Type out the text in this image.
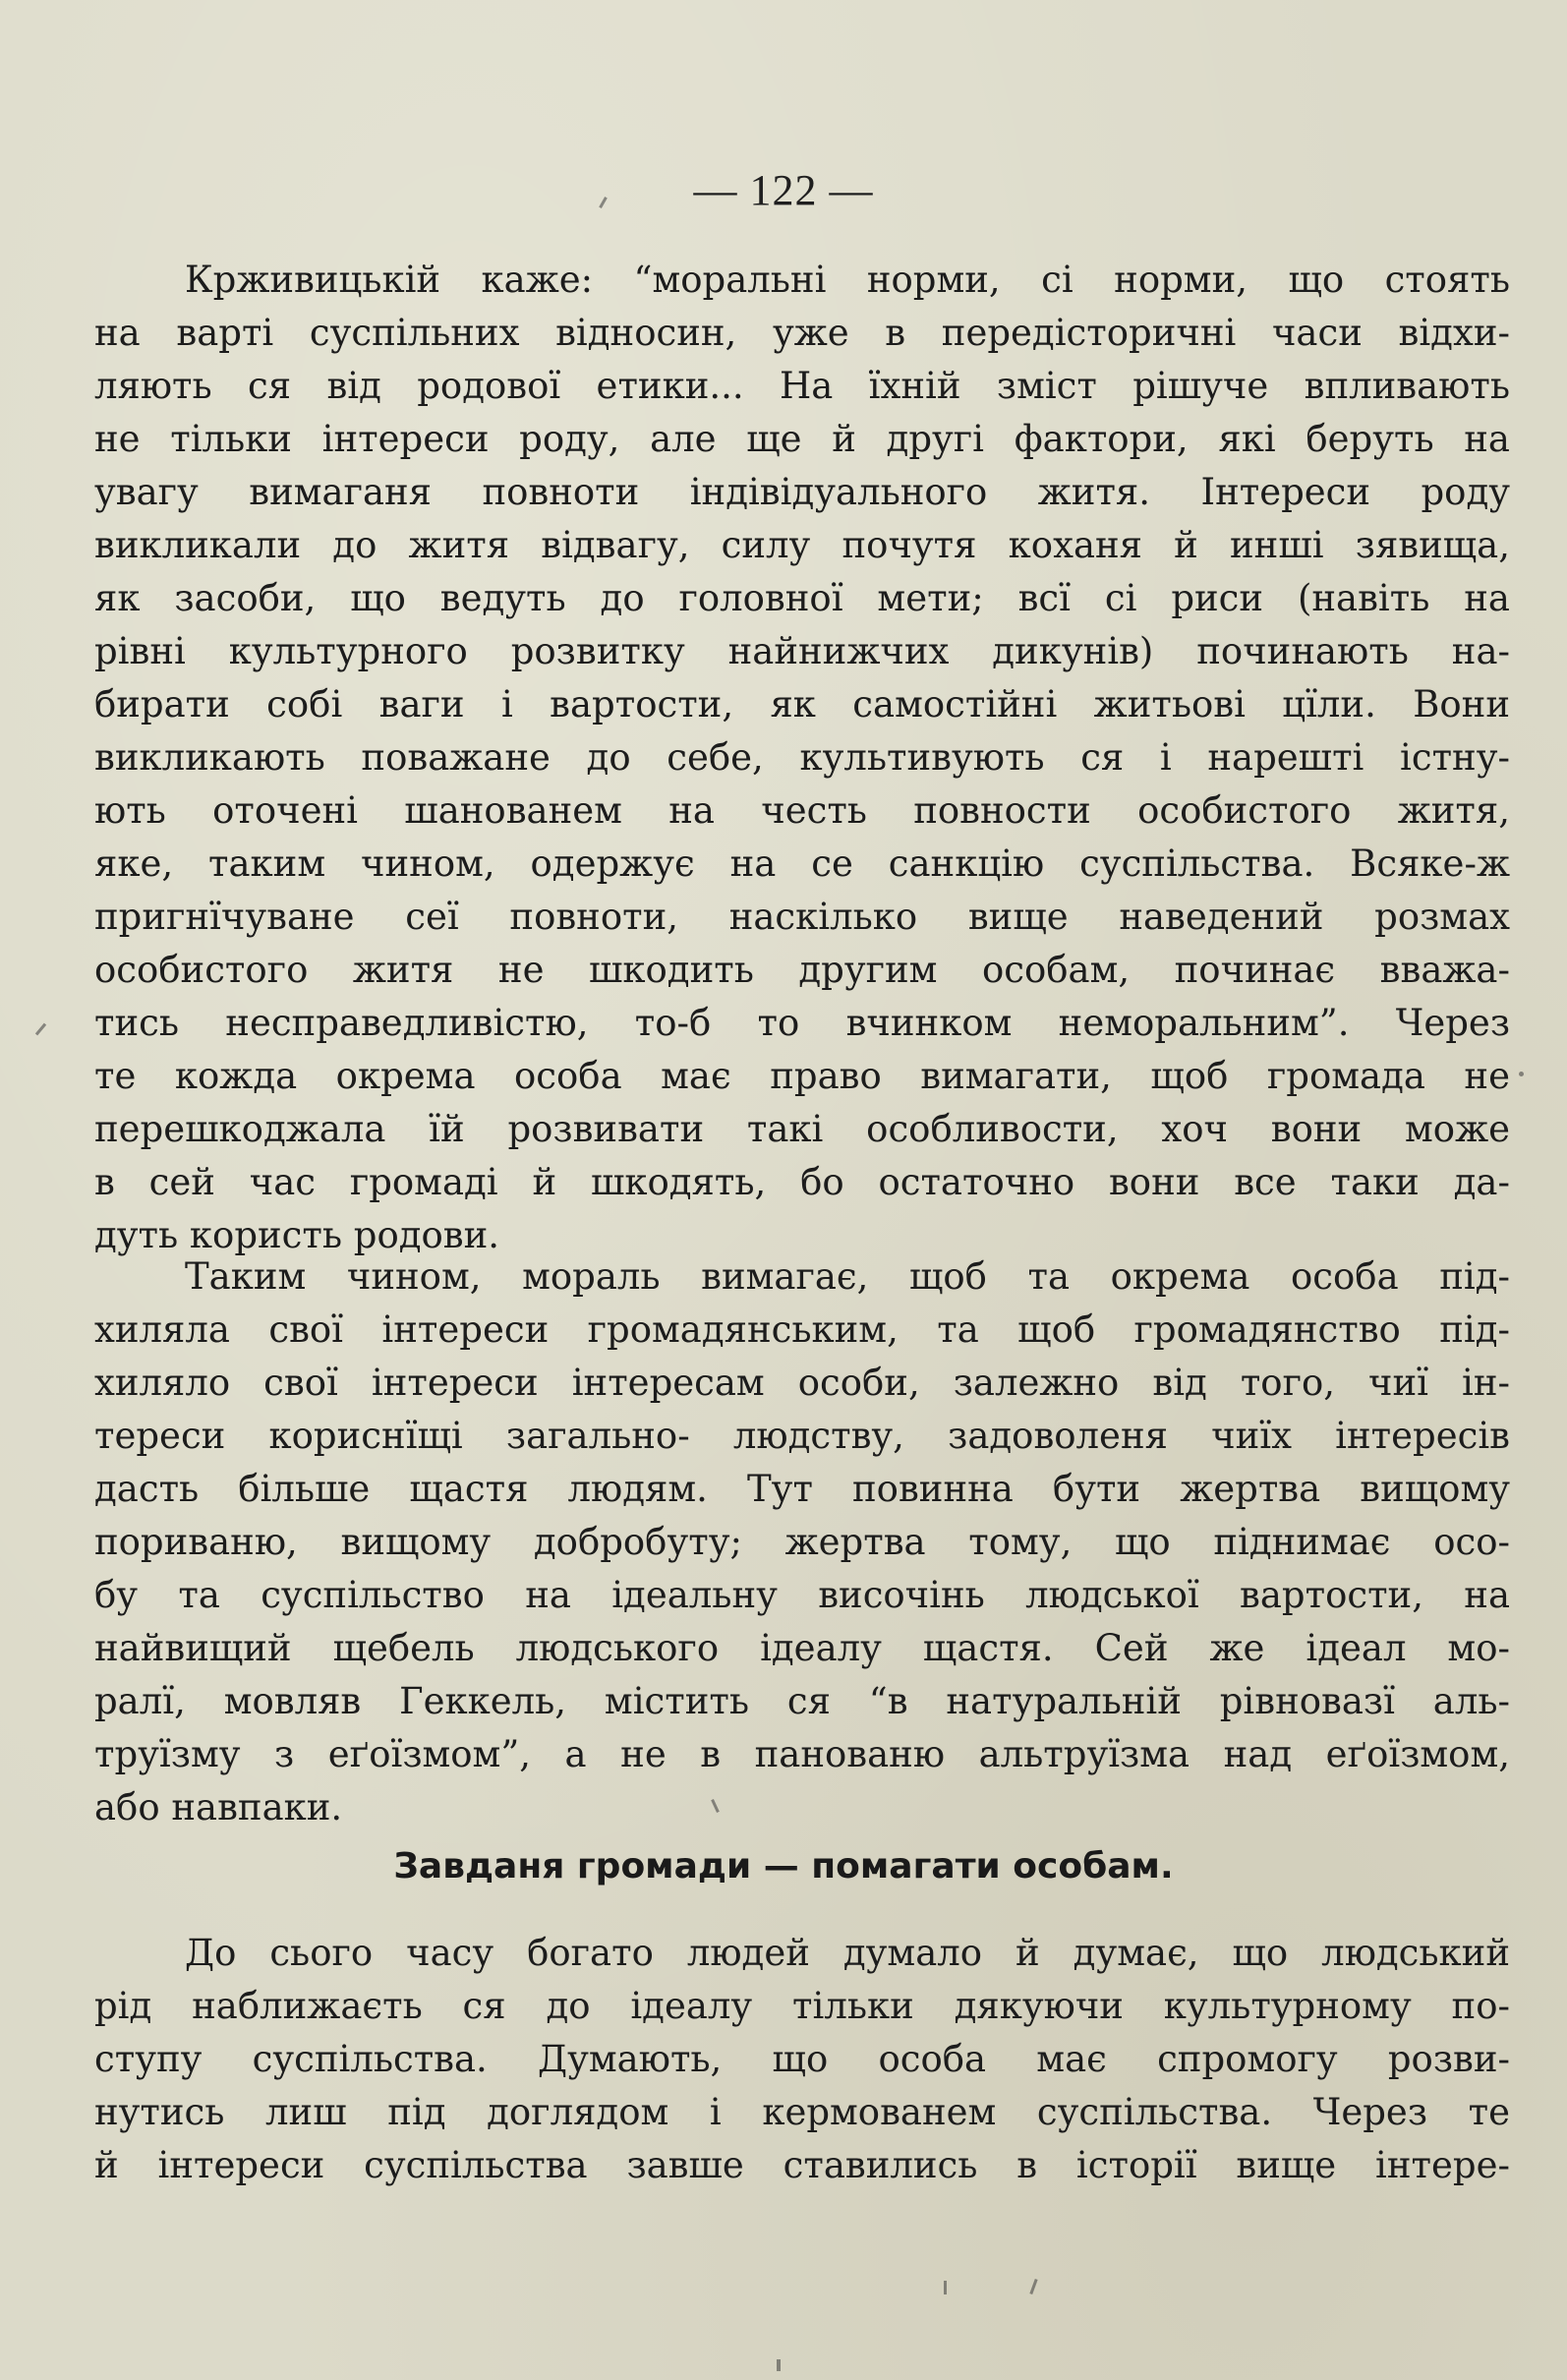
— 122 —
Крживицькій каже: “моральні норми, сі норми, що стоять
на варті суспільних відносин, уже в передісторичні часи відхи-
ляють ся від родової етики... На їхній зміст рішуче впливають
не тільки інтереси роду, але ще й другі фактори, які беруть на
увагу вимаганя повноти індівідуального житя. Інтереси роду
викликали до житя відвагу, силу почутя коханя й инші зявища,
як засоби, що ведуть до головної мети; всї сі риси (навіть на
рівні культурного розвитку найнижчих дикунів) починають на-
бирати собі ваги і вартости, як самостійні житьові цїли. Вони
викликають поважане до себе, культивують ся і нарешті істну-
ють оточені шанованем на честь повности особистого житя,
яке, таким чином, одержує на се санкцію суспільства. Всяке-ж
пригнїчуване сеї повноти, наскілько вище наведений розмах
особистого житя не шкодить другим особам, починає вважа-
тись несправедливістю, то-б то вчинком неморальним”. Через
те кожда окрема особа має право вимагати, щоб громада не
перешкоджала їй розвивати такі особливости, хоч вони може
в сей час громаді й шкодять, бо остаточно вони все таки да-
дуть користь родови.
Таким чином, мораль вимагає, щоб та окрема особа під-
хиляла свої інтереси громадянським, та щоб громадянство під-
хиляло свої інтереси інтересам особи, залежно від того, чиї ін-
тереси кориснїщі загально- людству, задоволеня чиїх інтересів
дасть більше щастя людям. Тут повинна бути жертва вищому
пориваню, вищому добробуту; жертва тому, що піднимає осо-
бу та суспільство на ідеальну височінь людської вартости, на
найвищий щебель людського ідеалу щастя. Сей же ідеал мо-
ралї, мовляв Геккель, містить ся “в натуральній рівновазї аль-
труїзму з еґоїзмом”, а не в панованю альтруїзма над еґоїзмом,
або навпаки.
Завданя громади — помагати особам.
До сього часу богато людей думало й думає, що людський
рід наближаєть ся до ідеалу тільки дякуючи культурному по-
ступу суспільства. Думають, що особа має спромогу розви-
нутись лиш під доглядом і кермованем суспільства. Через те
й інтереси суспільства завше ставились в історії вище інтере-
